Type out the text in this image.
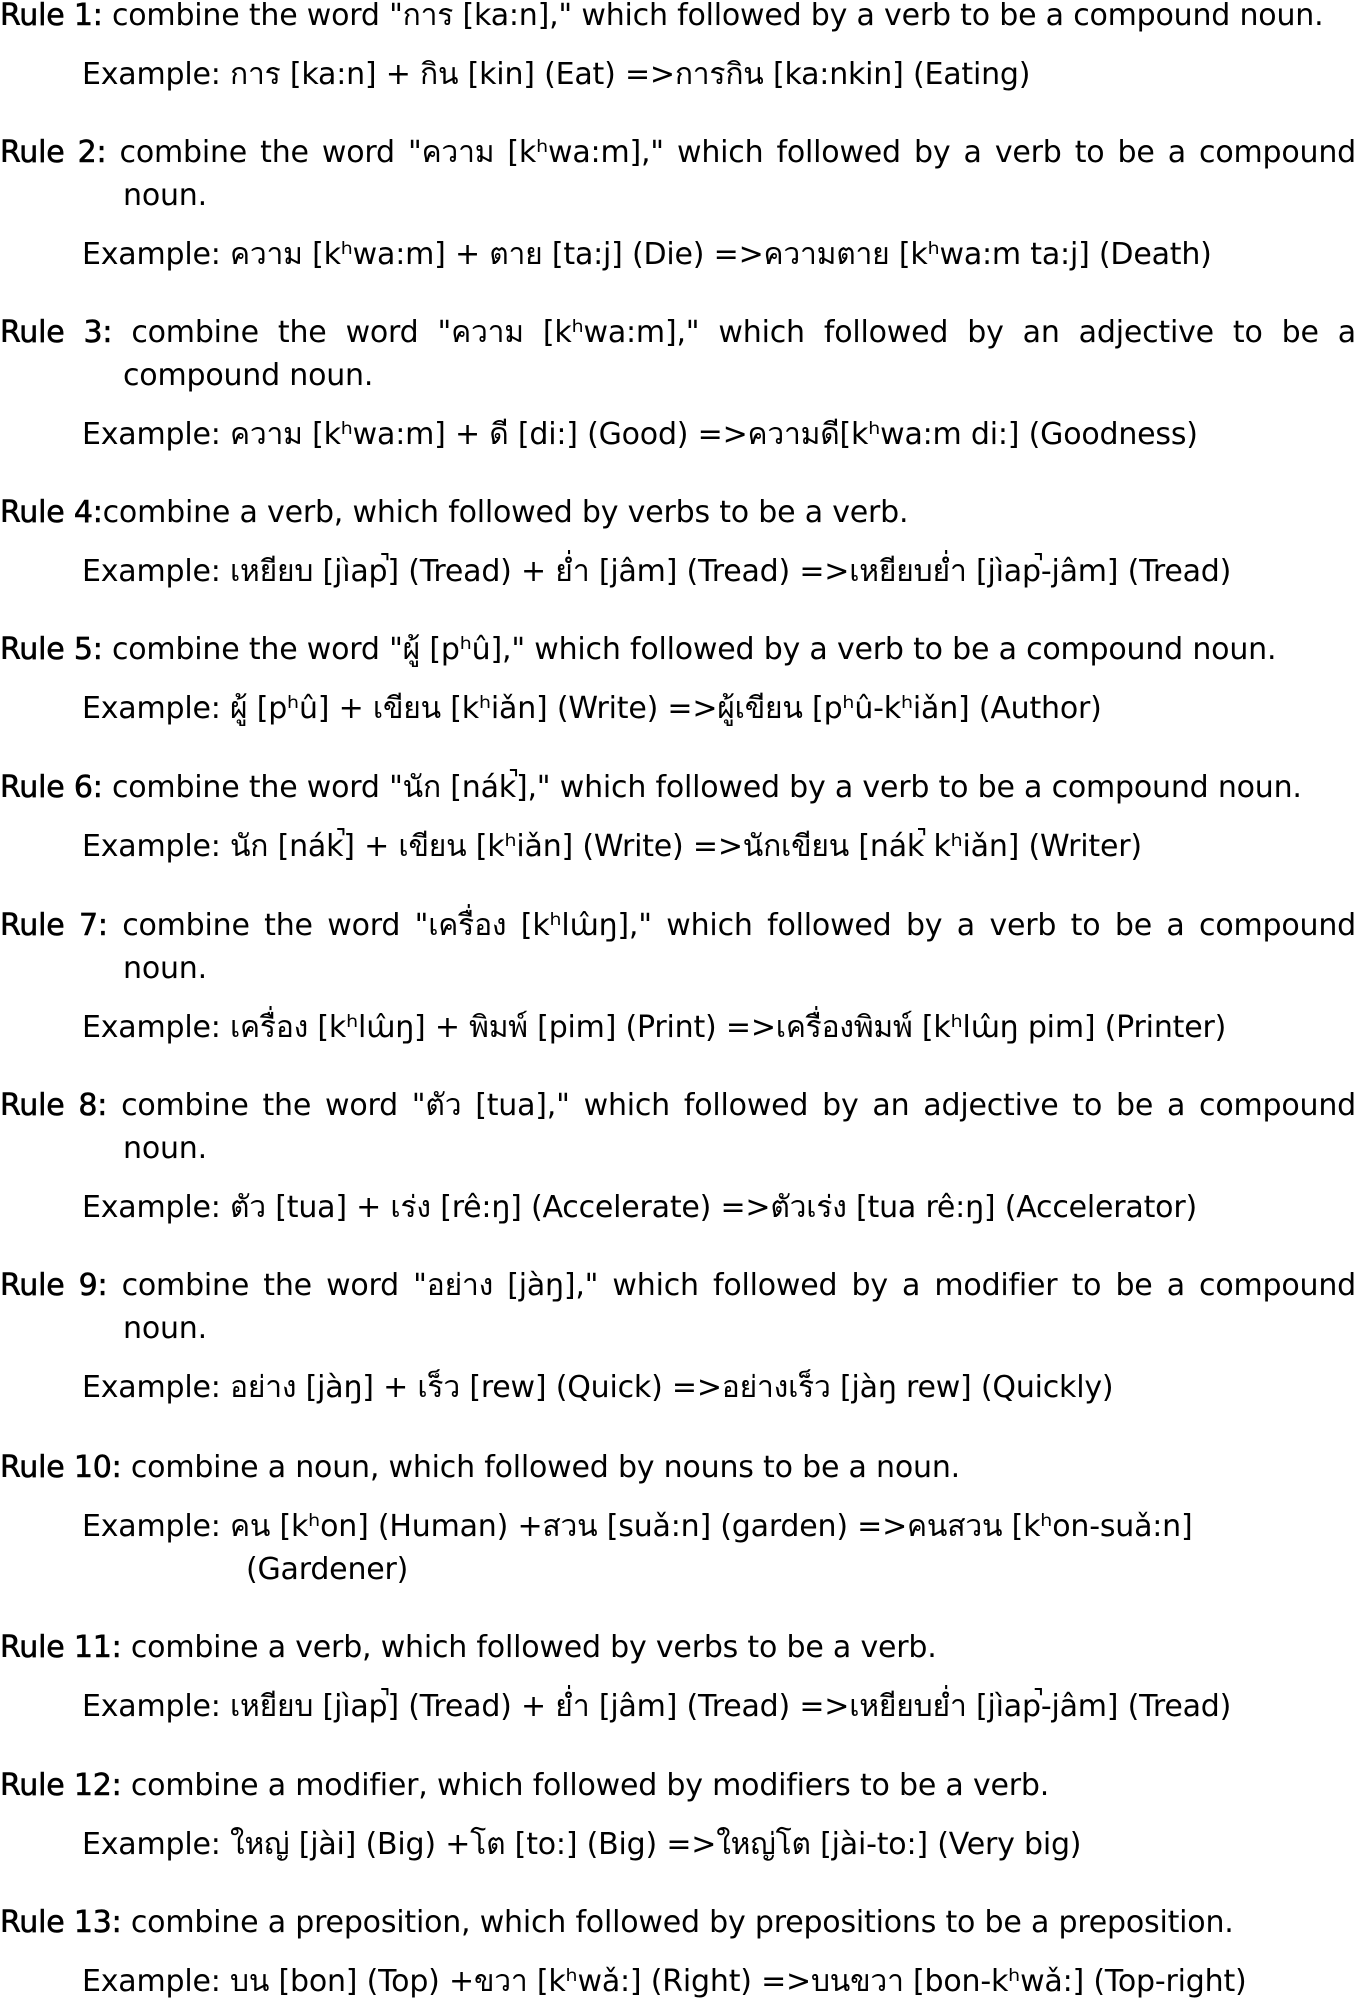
Rule 1: combine the word "การ [ka:n]," which followed by a verb to be a compound noun.

Example: การ [ka:n] + กิน [kin] (Eat) =>การกิน [ka:nkin] (Eating)

Rule 2: combine the word "ความ [kʰwa:m]," which followed by a verb to be a compound noun.

Example: ความ [kʰwa:m] + ตาย [ta:j] (Die) =>ความตาย [kʰwa:m ta:j] (Death)

Rule 3: combine the word "ความ [kʰwa:m]," which followed by an adjective to be a compound noun.

Example: ความ [kʰwa:m] + ดี [di:] (Good) =>ความดี[kʰwa:m di:] (Goodness)

Rule 4:combine a verb, which followed by verbs to be a verb.

Example: เหยียบ [jìap̚] (Tread) + ย่ำ [jâm] (Tread) =>เหยียบย่ำ [jìap̚-jâm] (Tread)

Rule 5: combine the word "ผู้ [pʰû]," which followed by a verb to be a compound noun.

Example: ผู้ [pʰû] + เขียน [kʰiǎn] (Write) =>ผู้เขียน [pʰû-kʰiǎn] (Author)

Rule 6: combine the word "นัก [nák̚]," which followed by a verb to be a compound noun.

Example: นัก [nák̚] + เขียน [kʰiǎn] (Write) =>นักเขียน [nák̚ kʰiǎn] (Writer)

Rule 7: combine the word "เครื่อง [kʰlɯ̂ŋ]," which followed by a verb to be a compound noun.

Example: เครื่อง [kʰlɯ̂ŋ] + พิมพ์ [pim] (Print) =>เครื่องพิมพ์ [kʰlɯ̂ŋ pim] (Printer)

Rule 8: combine the word "ตัว [tua]," which followed by an adjective to be a compound noun.

Example: ตัว [tua] + เร่ง [rê:ŋ] (Accelerate) =>ตัวเร่ง [tua rê:ŋ] (Accelerator)

Rule 9: combine the word "อย่าง [jàŋ]," which followed by a modifier to be a compound noun.

Example: อย่าง [jàŋ] + เร็ว [rew] (Quick) =>อย่างเร็ว [jàŋ rew] (Quickly)

Rule 10: combine a noun, which followed by nouns to be a noun.

Example: คน [kʰon] (Human) +สวน [suǎ:n] (garden) =>คนสวน [kʰon-suǎ:n]
(Gardener)

Rule 11: combine a verb, which followed by verbs to be a verb.

Example: เหยียบ [jìap̚] (Tread) + ย่ำ [jâm] (Tread) =>เหยียบย่ำ [jìap̚-jâm] (Tread)

Rule 12: combine a modifier, which followed by modifiers to be a verb.

Example: ใหญ่ [jài] (Big) +โต [to:] (Big) =>ใหญ่โต [jài-to:] (Very big)

Rule 13: combine a preposition, which followed by prepositions to be a preposition.

Example: บน [bon] (Top) +ขวา [kʰwǎ:] (Right) =>บนขวา [bon-kʰwǎ:] (Top-right)
